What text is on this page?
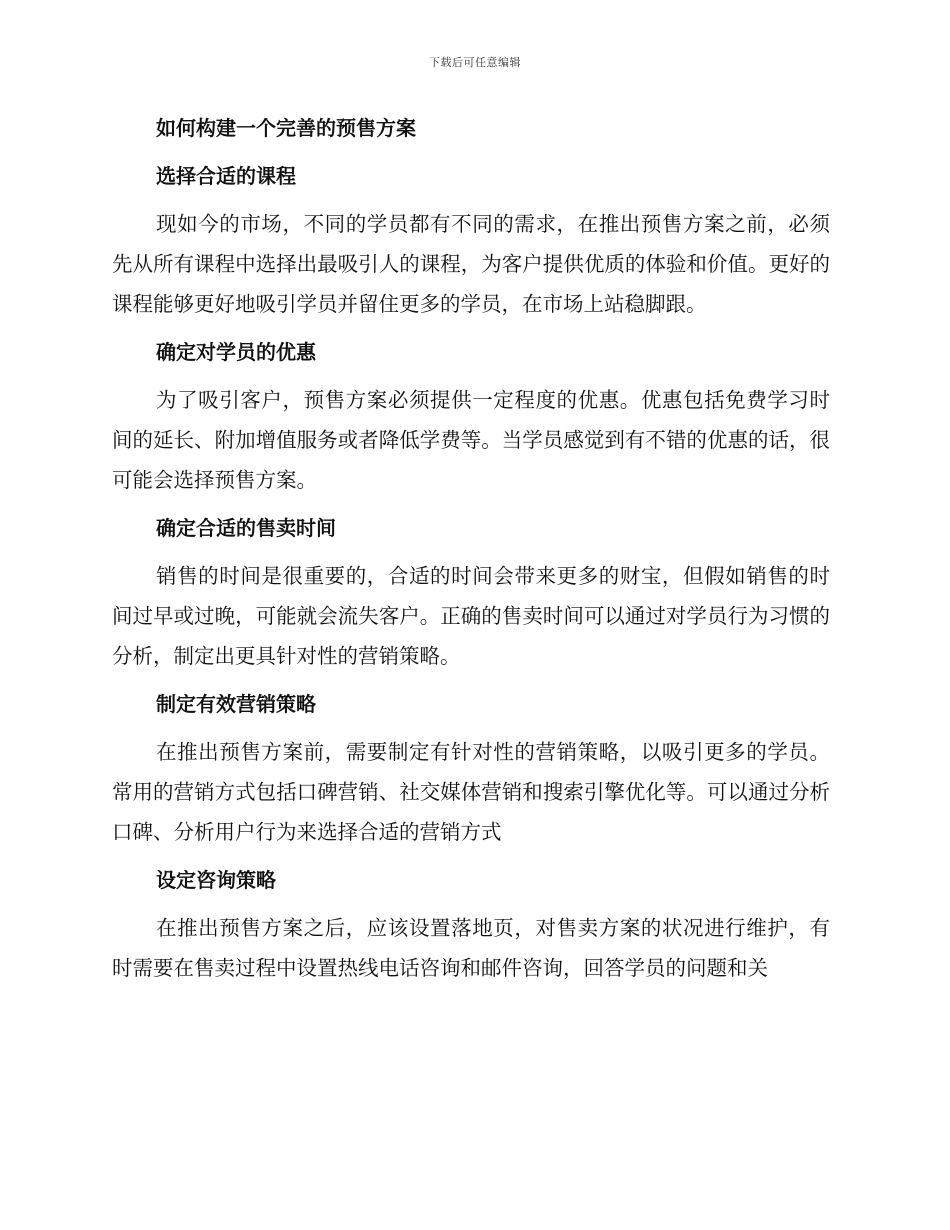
下载后可任意编辑
如何构建一个完善的预售方案
选择合适的课程

现如今的市场，不同的学员都有不同的需求，在推出预售方案之前，必须先从所有课程中选择出最吸引人的课程，为客户提供优质的体验和价值。更好的课程能够更好地吸引学员并留住更多的学员，在市场上站稳脚跟。

确定对学员的优惠

为了吸引客户，预售方案必须提供一定程度的优惠。优惠包括免费学习时间的延长、附加增值服务或者降低学费等。当学员感觉到有不错的优惠的话，很可能会选择预售方案。

确定合适的售卖时间

销售的时间是很重要的，合适的时间会带来更多的财宝，但假如销售的时间过早或过晚，可能就会流失客户。正确的售卖时间可以通过对学员行为习惯的分析，制定出更具针对性的营销策略。

制定有效营销策略

在推出预售方案前，需要制定有针对性的营销策略，以吸引更多的学员。常用的营销方式包括口碑营销、社交媒体营销和搜索引擎优化等。可以通过分析口碑、分析用户行为来选择合适的营销方式

设定咨询策略

在推出预售方案之后，应该设置落地页，对售卖方案的状况进行维护，有时需要在售卖过程中设置热线电话咨询和邮件咨询，回答学员的问题和关
